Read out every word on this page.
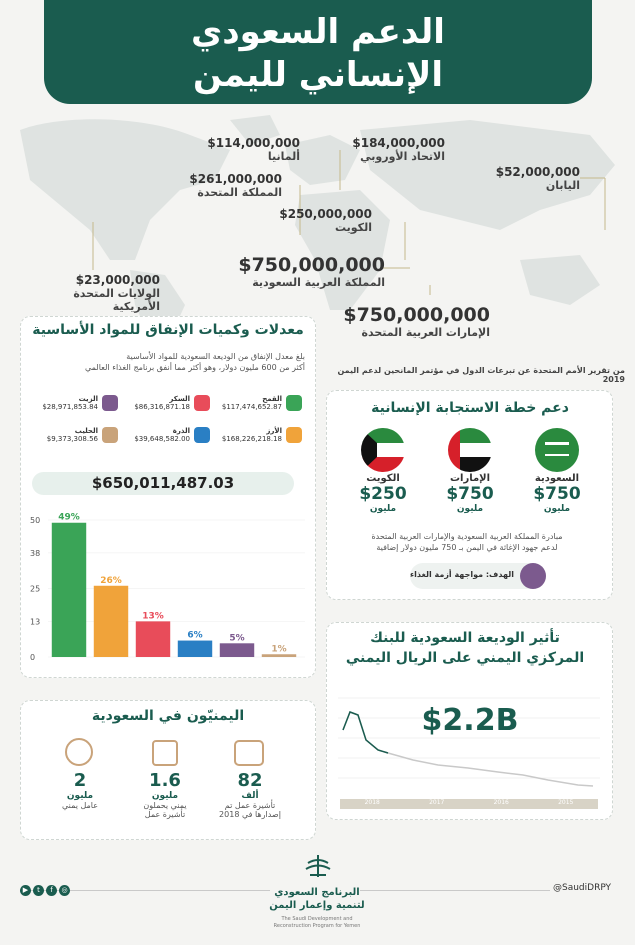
الدعم السعودي
الإنساني لليمن
$114,000,000
ألمانيا
$184,000,000
الاتحاد الأوروبي
$261,000,000
المملكة المتحدة
$52,000,000
اليابان
$250,000,000
الكويت
$750,000,000
المملكة العربية السعودية
$23,000,000
الولايات المتحدة الأمريكية	$750,000,000
الإمارات العربية المتحدة
من تقرير الأمم المتحدة عن تبرعات الدول في مؤتمر المانحين لدعم اليمن 2019
معدلات وكميات الإنفاق للمواد الأساسية
بلغ معدل الإنفاق من الوديعة السعودية للمواد الأساسية
أكثر من 600 مليون دولار، وهو أكثر مما أنفق برنامج الغذاء العالمي
القمح
$117,474,652.87
السكر
$86,316,871.18
الزيت
$28,971,853.84
الأرز
$168,226,218.18
الذرة
$39,648,582.00
الحليب
$9,373,308.56
$650,011,487.03
0
13
25
38
50 49%
26%
13%
6%	5%
1%
دعم خطة الاستجابة الإنسانية
السعودية
$750
مليون
الإمارات
$750
مليون
الكويت
$250
مليون
مبادرة المملكة العربية السعودية والإمارات العربية المتحدة
لدعم جهود الإغاثة في اليمن بـ 750 مليون دولار إضافية
الهدف: مواجهة أزمة الغذاء
تأثير الوديعة السعودية للبنك
المركزي اليمني على الريال اليمني
$2.2B
2018	2017	2016	2015
اليمنيّون في السعودية
82
ألف
تأشيرة عمل تم
إصدارها في 2018
1.6
مليون
يمني يحملون
تأشيرة عمل
2
مليون
عامل يمني
▶	t	f	◎	البرنامج السعودي
لتنمية وإعمار اليمن
The Saudi Development and
Reconstruction Program for Yemen
@SaudiDRPY
